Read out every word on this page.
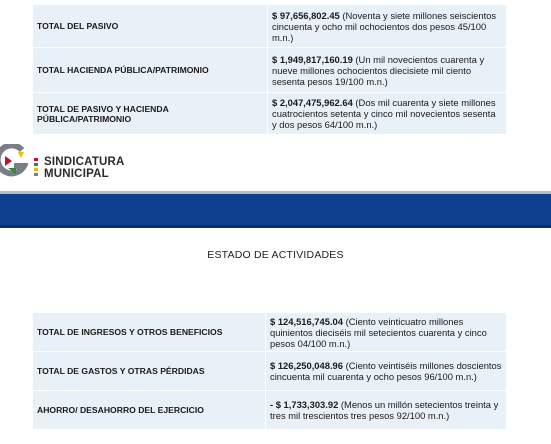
TOTAL DEL PASIVO	$ 97,656,802.45 (Noventa y siete millones seiscientos cincuenta y ocho mil ochocientos dos pesos 45/100 m.n.)
TOTAL HACIENDA PÚBLICA/PATRIMONIO	$ 1,949,817,160.19 (Un mil novecientos cuarenta y nueve millones ochocientos diecisiete mil ciento sesenta pesos 19/100 m.n.)
TOTAL DE PASIVO Y HACIENDA PÚBLICA/PATRIMONIO	$ 2,047,475,962.64 (Dos mil cuarenta y siete millones cuatrocientos setenta y cinco mil novecientos sesenta y dos pesos 64/100 m.n.)
SINDICATURA
MUNICIPAL
ESTADO DE ACTIVIDADES
TOTAL DE INGRESOS Y OTROS BENEFICIOS	$ 124,516,745.04 (Ciento veinticuatro millones quinientos dieciséis mil setecientos cuarenta y cinco pesos 04/100 m.n.)
TOTAL DE GASTOS Y OTRAS PÉRDIDAS	$ 126,250,048.96 (Ciento veintiséis millones doscientos cincuenta mil cuarenta y ocho pesos 96/100 m.n.)
AHORRO/ DESAHORRO DEL EJERCICIO	- $ 1,733,303.92 (Menos un millón setecientos treinta y tres mil trescientos tres pesos 92/100 m.n.)
